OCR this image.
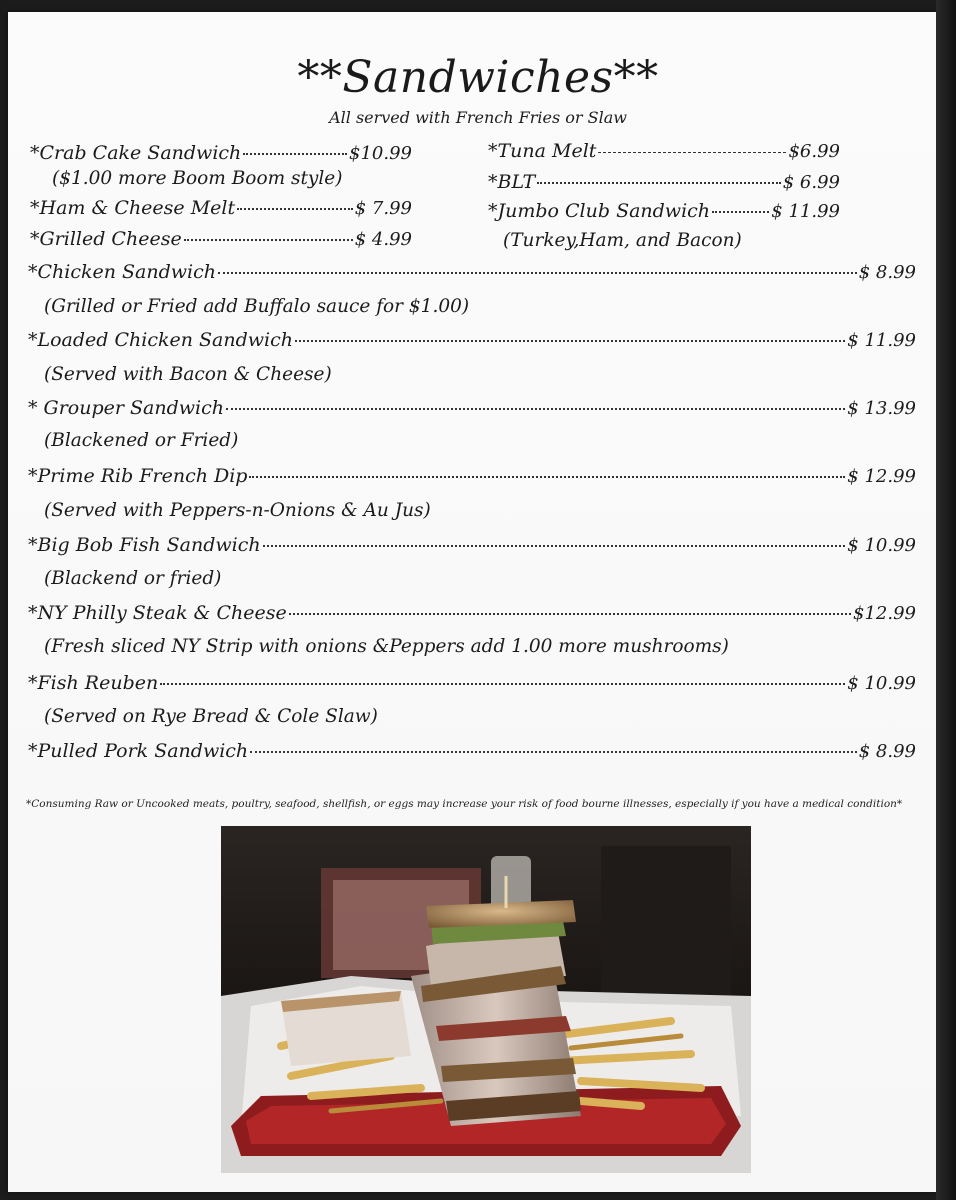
**Sandwiches**
All served with French Fries or Slaw
*Crab Cake Sandwich	$10.99
($1.00 more Boom Boom style)
*Ham & Cheese Melt	$ 7.99
*Grilled Cheese	$ 4.99
*Tuna Melt	$6.99
*BLT	$ 6.99
*Jumbo Club Sandwich	$ 11.99
(Turkey,Ham, and Bacon)
*Chicken Sandwich	$ 8.99
(Grilled or Fried add Buffalo sauce for $1.00)
*Loaded Chicken Sandwich	$ 11.99
(Served with Bacon & Cheese)
* Grouper Sandwich	$ 13.99
(Blackened or Fried)
*Prime Rib French Dip	$ 12.99
(Served with Peppers-n-Onions & Au Jus)
*Big Bob Fish Sandwich	$ 10.99
(Blackend or fried)
*NY Philly Steak & Cheese	$12.99
(Fresh sliced NY Strip with onions &Peppers add 1.00 more mushrooms)
*Fish Reuben	$ 10.99
(Served on Rye Bread & Cole Slaw)
*Pulled Pork Sandwich	$ 8.99
*Consuming Raw or Uncooked meats, poultry, seafood, shellfish, or eggs may increase your risk of food bourne illnesses, especially if you have a medical condition*
